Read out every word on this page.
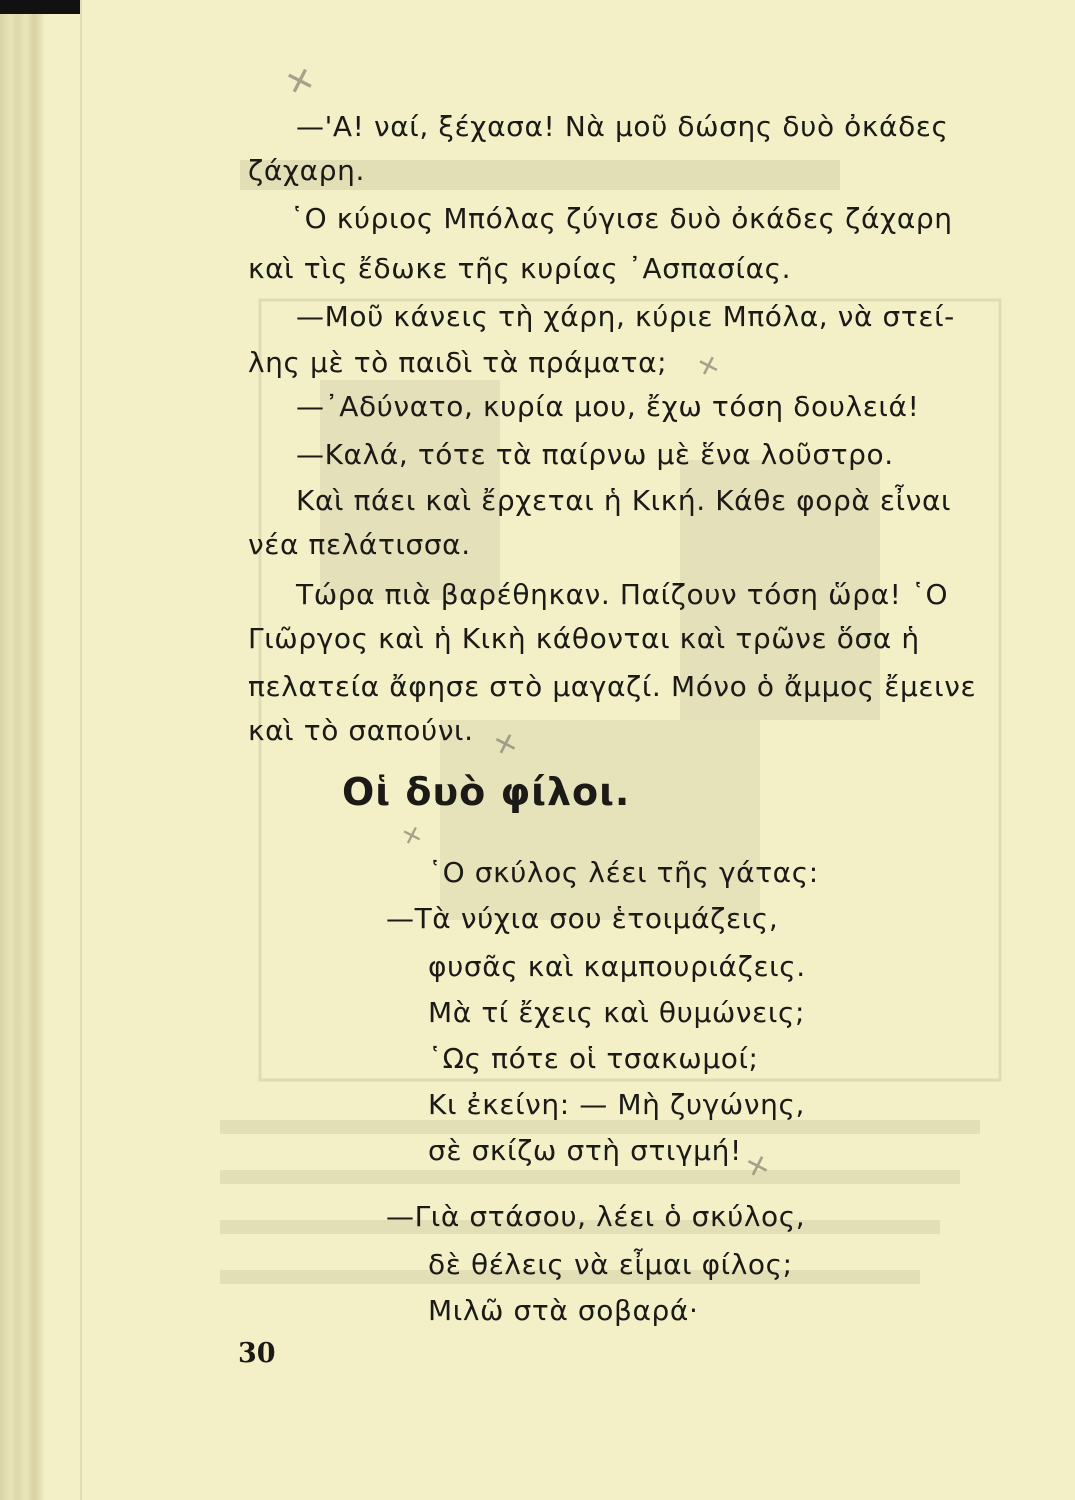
✕
✕
✕
✕
✕
—'Α! ναί, ξέχασα! Νὰ μοῦ δώσης δυὸ ὀκάδες
ζάχαρη.
῾Ο κύριος Μπόλας ζύγισε δυὸ ὀκάδες ζάχαρη
καὶ τὶς ἔδωκε τῆς κυρίας ᾽Ασπασίας.
—Μοῦ κάνεις τὴ χάρη, κύριε Μπόλα, νὰ στεί-
λης μὲ τὸ παιδὶ τὰ πράματα;
—᾽Αδύνατο, κυρία μου, ἔχω τόση δουλειά!
—Καλά, τότε τὰ παίρνω μὲ ἕνα λοῦστρο.
Καὶ πάει καὶ ἔρχεται ἡ Κική. Κάθε φορὰ εἶναι
νέα πελάτισσα.
Τώρα πιὰ βαρέθηκαν. Παίζουν τόση ὥρα! ῾Ο
Γιῶργος καὶ ἡ Κικὴ κάθονται καὶ τρῶνε ὅσα ἡ
πελατεία ἄφησε στὸ μαγαζί. Μόνο ὁ ἄμμος ἔμεινε
καὶ τὸ σαπούνι.
Οἱ δυὸ φίλοι.
῾Ο σκύλος λέει τῆς γάτας:
—Τὰ νύχια σου ἑτοιμάζεις,
φυσᾶς καὶ καμπουριάζεις.
Μὰ τί ἔχεις καὶ θυμώνεις;
῾Ως πότε οἱ τσακωμοί;
Κι ἐκείνη: — Μὴ ζυγώνης,
σὲ σκίζω στὴ στιγμή!
—Γιὰ στάσου, λέει ὁ σκύλος,
δὲ θέλεις νὰ εἶμαι φίλος;
Μιλῶ στὰ σοβαρά·
30
